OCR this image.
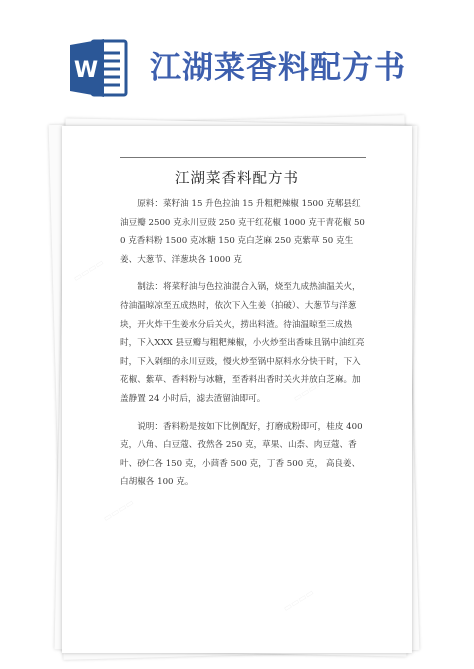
W 江湖菜香料配方书
江湖菜香料配方书

原料：菜籽油 15 升色拉油 15 升粗粑辣椒 1500 克郫县红油豆瓣 2500 克永川豆豉 250 克干红花椒 1000 克干青花椒 500 克香料粉 1500 克冰糖 150 克白芝麻 250 克紫草 50 克生姜、大葱节、洋葱块各 1000 克

制法：将菜籽油与色拉油混合入锅，烧至九成热油温关火，待油温晾凉至五成热时，依次下入生姜（拍破）、大葱节与洋葱块，开火炸干生姜水分后关火，捞出料渣。待油温晾至三成热时，下入XXX 县豆瓣与粗粑辣椒，小火炒至出香味且锅中油红亮时，下入剁细的永川豆豉，慢火炒至锅中原料水分快干时，下入花椒、紫草、香料粉与冰糖，至香料出香时关火并放白芝麻。加盖静置 24 小时后，滤去渣留油即可。

说明：香料粉是按如下比例配好，打磨成粉即可，桂皮 400 克，八角、白豆蔻、孜然各 250 克，草果、山柰、肉豆蔻、香叶、砂仁各 150 克，小茴香 500 克，丁香 500 克， 高良姜、白胡椒各 100 克。

▭▭▭▭
▭▭▭▭
▭▭▭▭
▭▭▭▭
